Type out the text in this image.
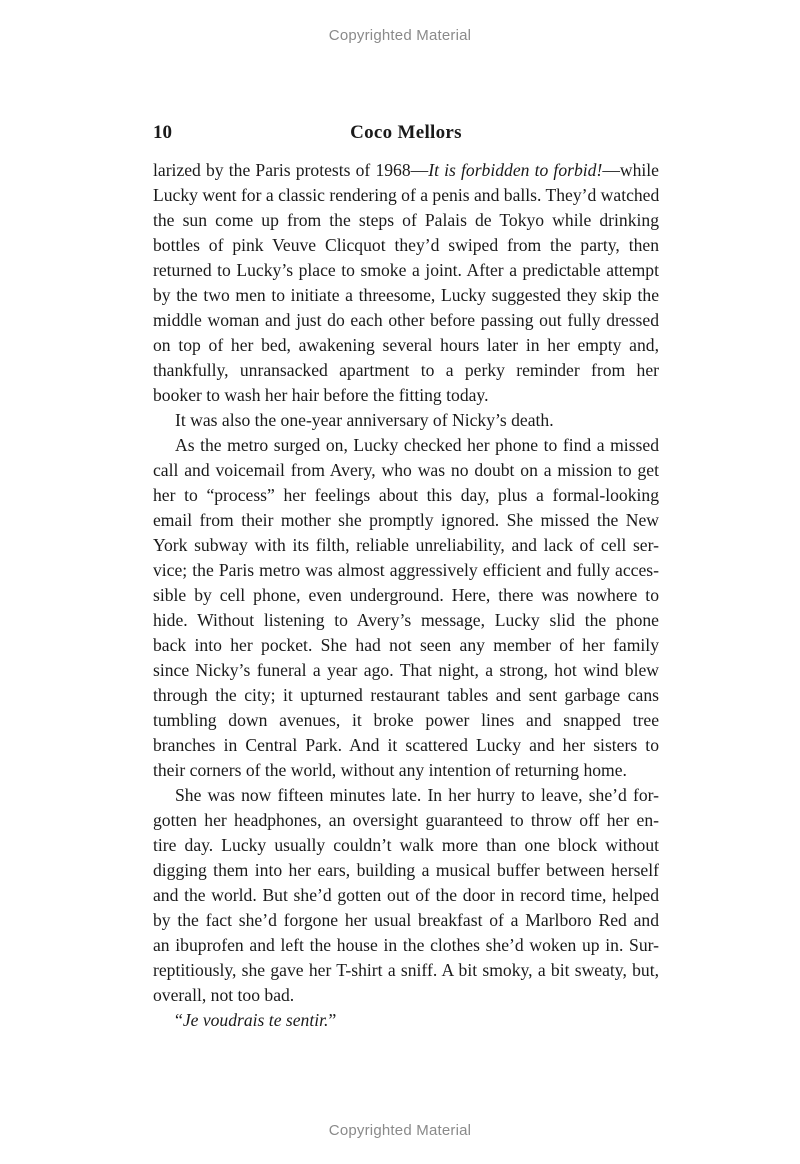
Copyrighted Material
10	Coco Mellors
larized by the Paris protests of 1968—It is forbidden to forbid!—while
Lucky went for a classic rendering of a penis and balls. They’d watched
the sun come up from the steps of Palais de Tokyo while drinking
bottles of pink Veuve Clicquot they’d swiped from the party, then
returned to Lucky’s place to smoke a joint. After a predictable attempt
by the two men to initiate a threesome, Lucky suggested they skip the
middle woman and just do each other before passing out fully dressed
on top of her bed, awakening several hours later in her empty and,
thankfully, unransacked apartment to a perky reminder from her
booker to wash her hair before the fitting today.
It was also the one-year anniversary of Nicky’s death.
As the metro surged on, Lucky checked her phone to find a missed
call and voicemail from Avery, who was no doubt on a mission to get
her to “process” her feelings about this day, plus a formal-looking
email from their mother she promptly ignored. She missed the New
York subway with its filth, reliable unreliability, and lack of cell ser-
vice; the Paris metro was almost aggressively efficient and fully acces-
sible by cell phone, even underground. Here, there was nowhere to
hide. Without listening to Avery’s message, Lucky slid the phone
back into her pocket. She had not seen any member of her family
since Nicky’s funeral a year ago. That night, a strong, hot wind blew
through the city; it upturned restaurant tables and sent garbage cans
tumbling down avenues, it broke power lines and snapped tree
branches in Central Park. And it scattered Lucky and her sisters to
their corners of the world, without any intention of returning home.
She was now fifteen minutes late. In her hurry to leave, she’d for-
gotten her headphones, an oversight guaranteed to throw off her en-
tire day. Lucky usually couldn’t walk more than one block without
digging them into her ears, building a musical buffer between herself
and the world. But she’d gotten out of the door in record time, helped
by the fact she’d forgone her usual breakfast of a Marlboro Red and
an ibuprofen and left the house in the clothes she’d woken up in. Sur-
reptitiously, she gave her T-shirt a sniff. A bit smoky, a bit sweaty, but,
overall, not too bad.
“Je voudrais te sentir.”
Copyrighted Material
